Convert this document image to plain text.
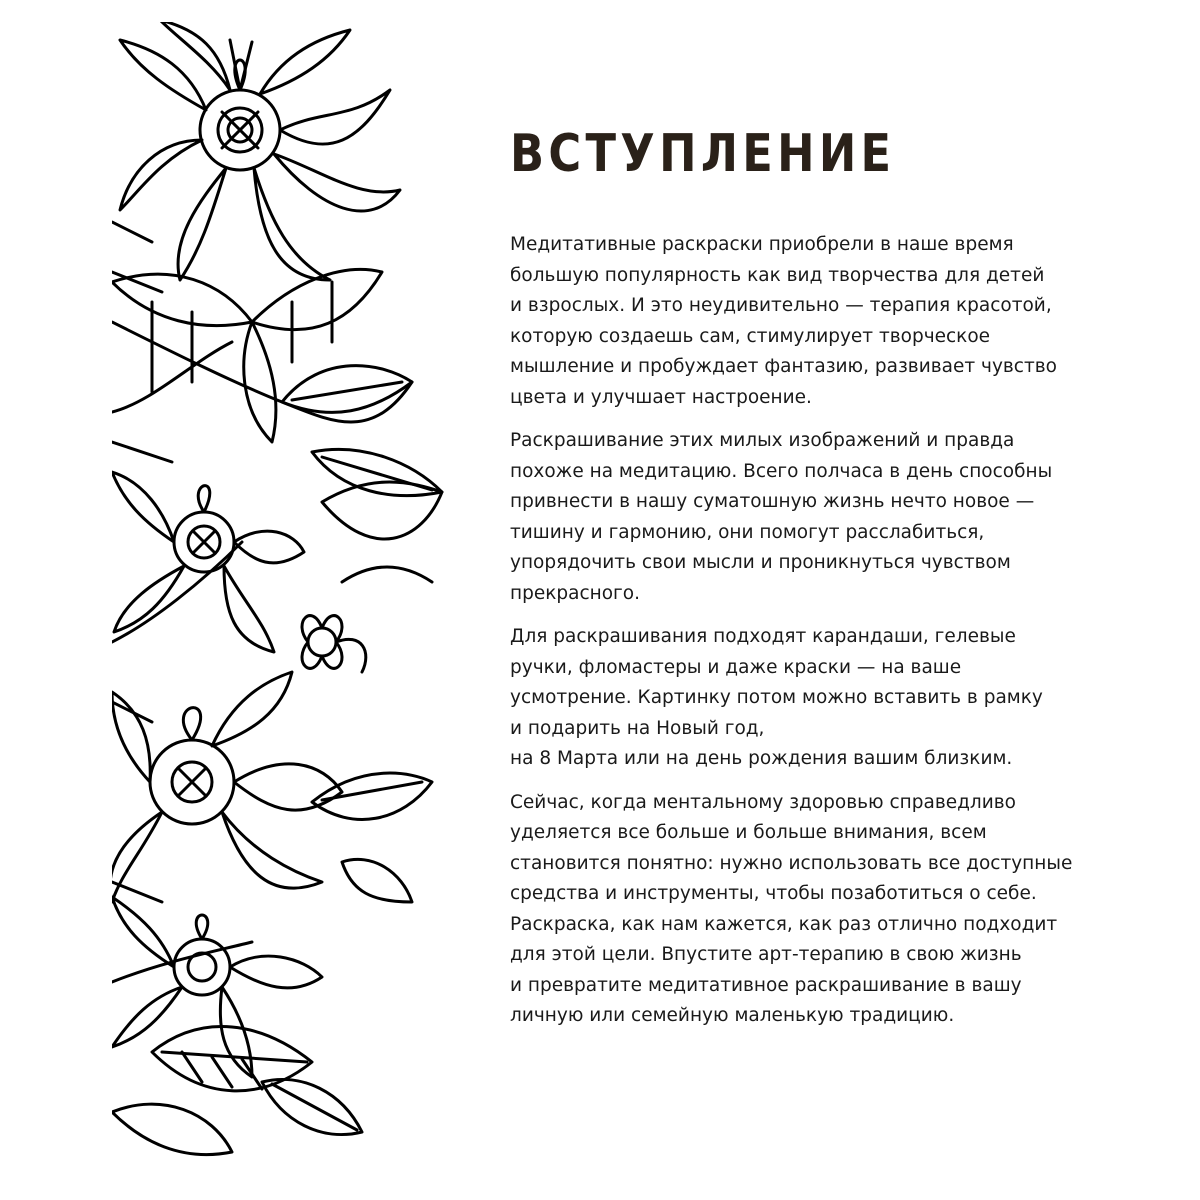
ВСТУПЛЕНИЕ

Медитативные раскраски приобрели в наше время
большую популярность как вид творчества для детей
и взрослых. И это неудивительно — терапия красотой,
которую создаешь сам, стимулирует творческое
мышление и пробуждает фантазию, развивает чувство
цвета и улучшает настроение.

Раскрашивание этих милых изображений и правда
похоже на медитацию. Всего полчаса в день способны
привнести в нашу суматошную жизнь нечто новое —
тишину и гармонию, они помогут расслабиться,
упорядочить свои мысли и проникнуться чувством
прекрасного.

Для раскрашивания подходят карандаши, гелевые
ручки, фломастеры и даже краски — на ваше
усмотрение. Картинку потом можно вставить в рамку
и подарить на Новый год,
на 8 Марта или на день рождения вашим близким.

Сейчас, когда ментальному здоровью справедливо
уделяется все больше и больше внимания, всем
становится понятно: нужно использовать все доступные
средства и инструменты, чтобы позаботиться о себе.
Раскраска, как нам кажется, как раз отлично подходит
для этой цели. Впустите арт-терапию в свою жизнь
и превратите медитативное раскрашивание в вашу
личную или семейную маленькую традицию.
